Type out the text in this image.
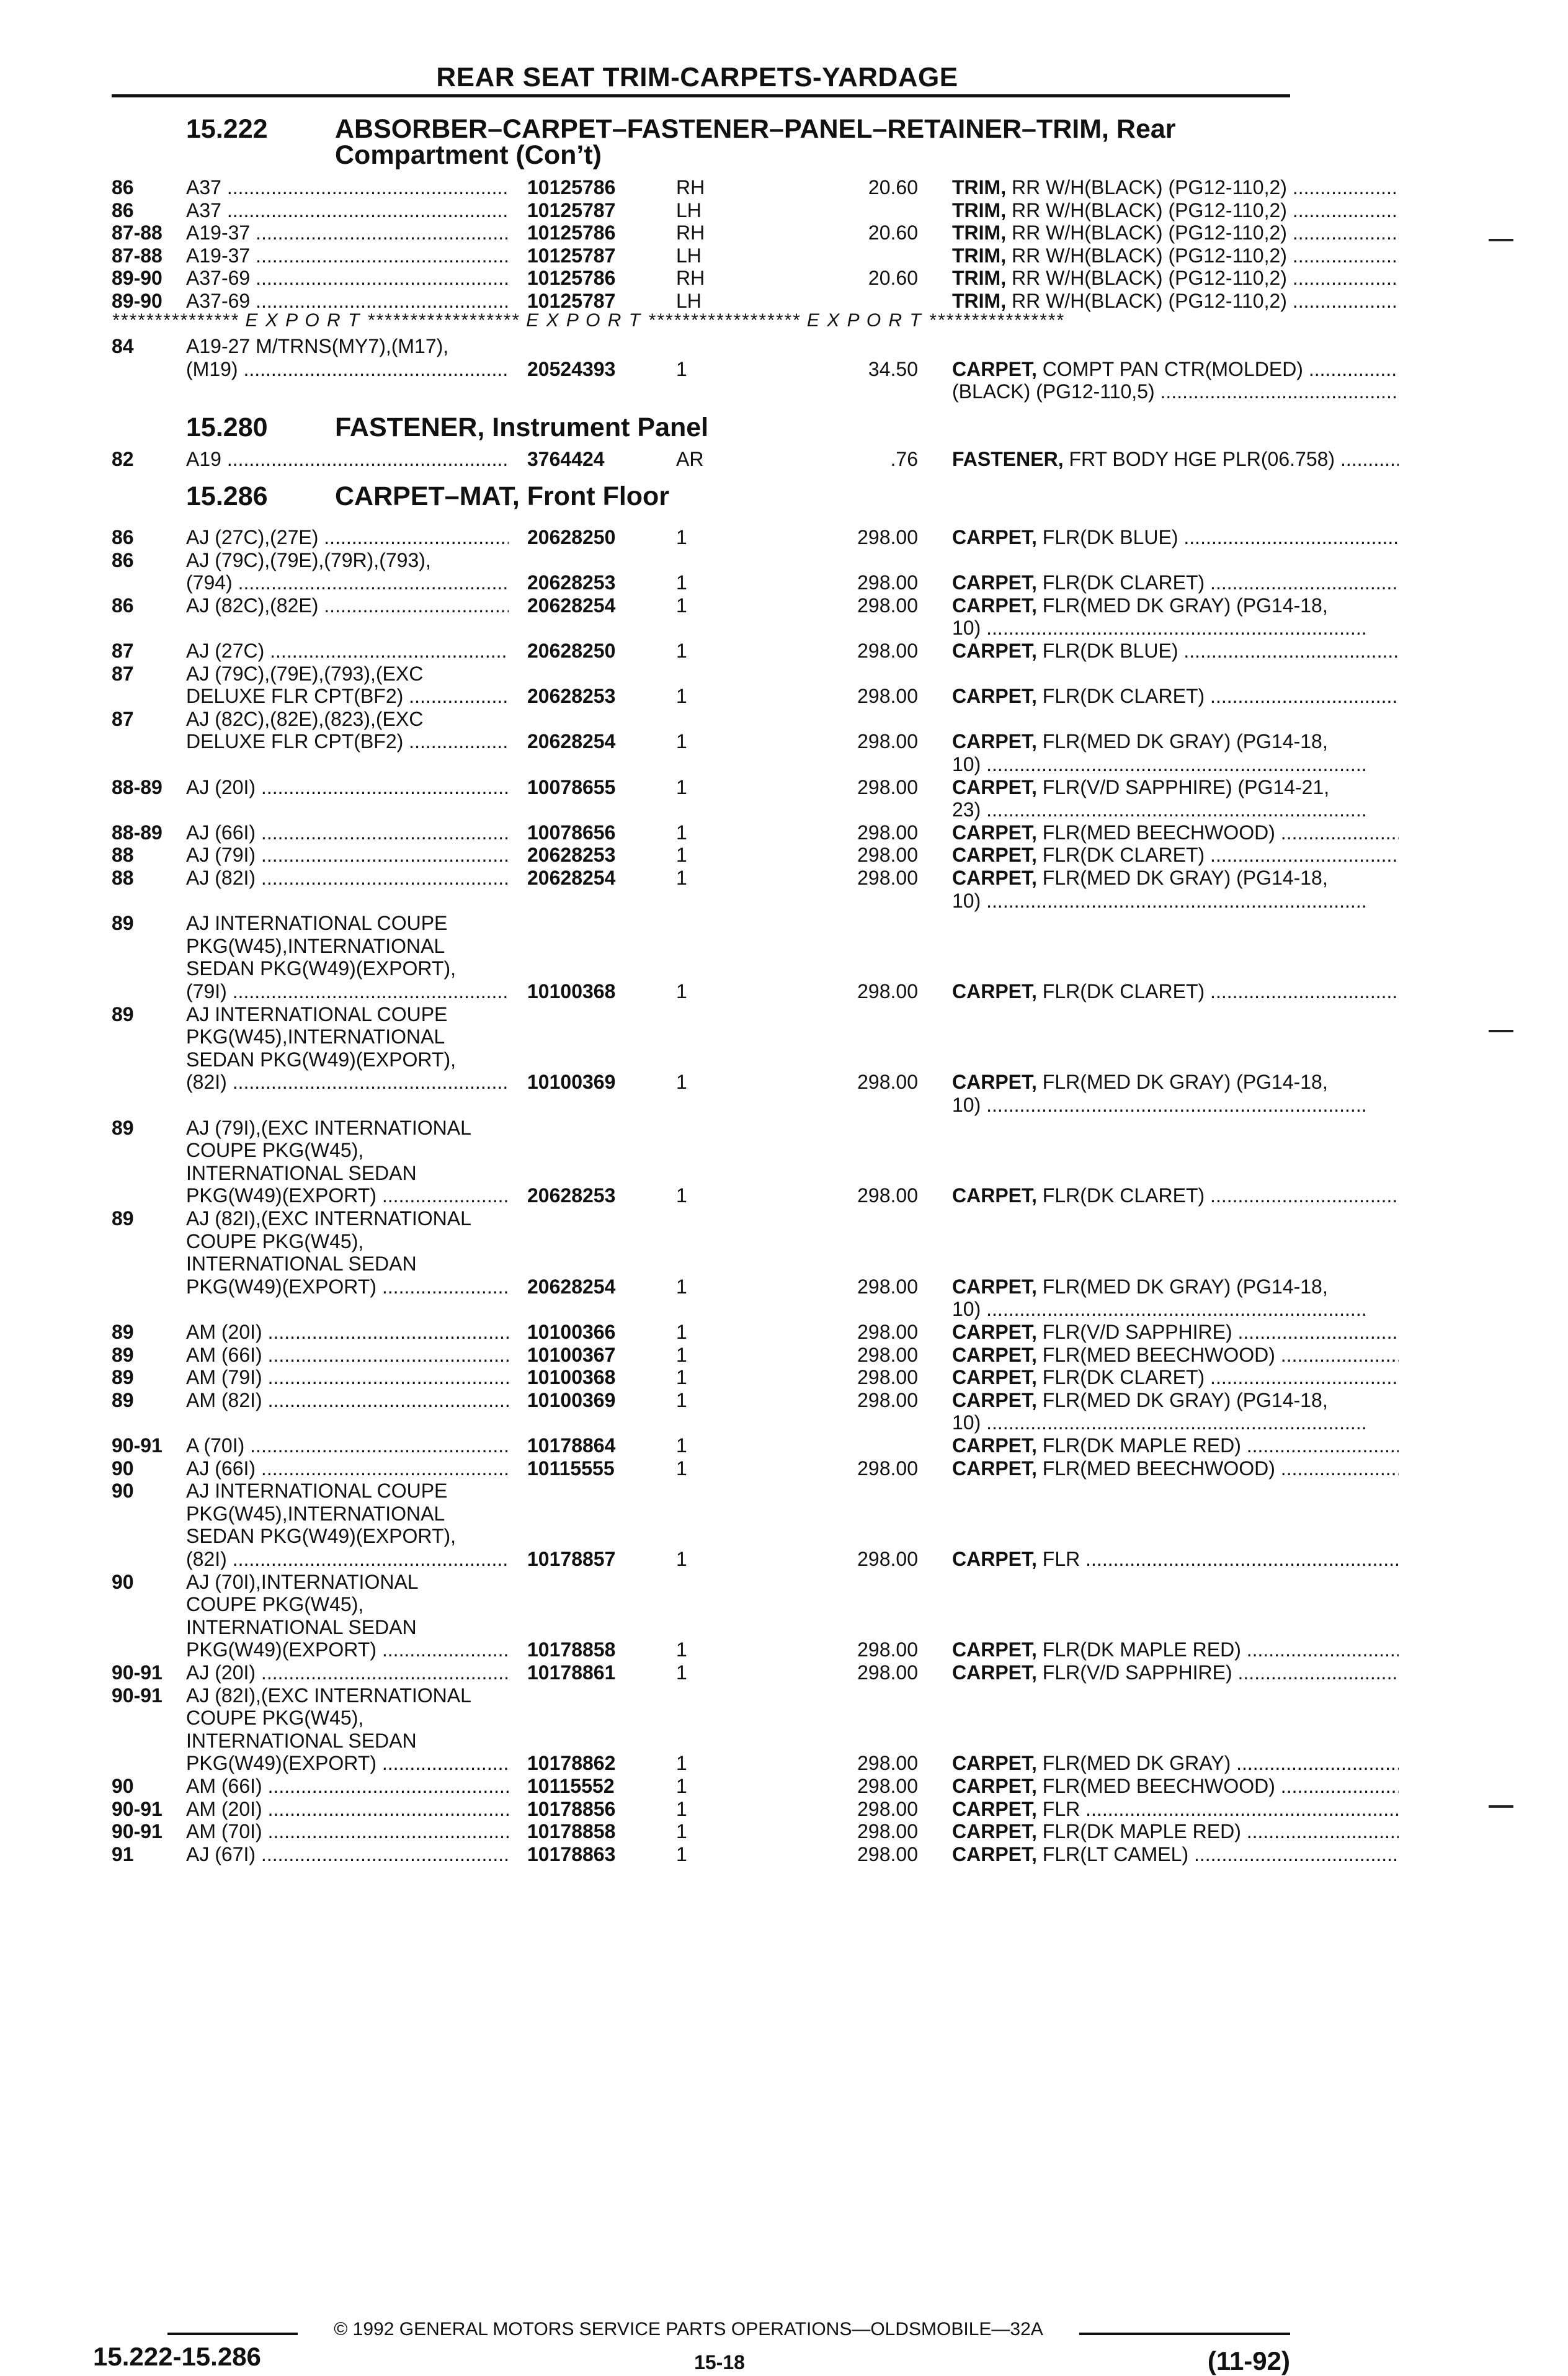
REAR SEAT TRIM-CARPETS-YARDAGE
15.222	ABSORBER–CARPET–FASTENER–PANEL–RETAINER–TRIM, Rear
Compartment (Con’t)
*************** E X P O R T ****************** E X P O R T ****************** E X P O R T ****************
15.280	FASTENER, Instrument Panel
15.286	CARPET–MAT, Front Floor
86	A37 .....	10125786	RH	20.60 TRIM, RR W/H(BLACK) (PG12-110,2) .....
86	A37 .....	10125787	LH	TRIM, RR W/H(BLACK) (PG12-110,2) .....
87-88 A19-37 .....	10125786	RH	20.60 TRIM, RR W/H(BLACK) (PG12-110,2) .....
87-88 A19-37 .....	10125787	LH	TRIM, RR W/H(BLACK) (PG12-110,2) .....
89-90 A37-69 .....	10125786	RH	20.60 TRIM, RR W/H(BLACK) (PG12-110,2) .....
89-90 A37-69 .....	10125787	LH	TRIM, RR W/H(BLACK) (PG12-110,2) .....
84	A19-27 M/TRNS(MY7),(M17),
(M19) .....	20524393	1	34.50 CARPET, COMPT PAN CTR(MOLDED) .....
(BLACK) (PG12-110,5) .....
82	A19 .....	3764424	AR	.76 FASTENER, FRT BODY HGE PLR(06.758) .....
86	AJ (27C),(27E) .....	20628250	1	298.00 CARPET, FLR(DK BLUE) .....
86	AJ (79C),(79E),(79R),(793),
(794) .....	20628253	1	298.00 CARPET, FLR(DK CLARET) .....
86	AJ (82C),(82E) .....	20628254	1	298.00 CARPET, FLR(MED DK GRAY) (PG14-18,
10) .....
87	AJ (27C) .....	20628250	1	298.00 CARPET, FLR(DK BLUE) .....
87	AJ (79C),(79E),(793),(EXC
DELUXE FLR CPT(BF2) .....	20628253	1	298.00 CARPET, FLR(DK CLARET) .....
87	AJ (82C),(82E),(823),(EXC
DELUXE FLR CPT(BF2) .....	20628254	1	298.00 CARPET, FLR(MED DK GRAY) (PG14-18,
10) .....
88-89 AJ (20I) .....	10078655	1	298.00 CARPET, FLR(V/D SAPPHIRE) (PG14-21,
23) .....
88-89 AJ (66I) .....	10078656	1	298.00 CARPET, FLR(MED BEECHWOOD) .....
88	AJ (79I) .....	20628253	1	298.00 CARPET, FLR(DK CLARET) .....
88	AJ (82I) .....	20628254	1	298.00 CARPET, FLR(MED DK GRAY) (PG14-18,
10) .....
89	AJ INTERNATIONAL COUPE
PKG(W45),INTERNATIONAL
SEDAN PKG(W49)(EXPORT),
(79I) .....	10100368	1	298.00 CARPET, FLR(DK CLARET) .....
89	AJ INTERNATIONAL COUPE
PKG(W45),INTERNATIONAL
SEDAN PKG(W49)(EXPORT),
(82I) .....	10100369	1	298.00 CARPET, FLR(MED DK GRAY) (PG14-18,
10) .....
89	AJ (79I),(EXC INTERNATIONAL
COUPE PKG(W45),
INTERNATIONAL SEDAN
PKG(W49)(EXPORT) .....	20628253	1	298.00 CARPET, FLR(DK CLARET) .....
89	AJ (82I),(EXC INTERNATIONAL
COUPE PKG(W45),
INTERNATIONAL SEDAN
PKG(W49)(EXPORT) .....	20628254	1	298.00 CARPET, FLR(MED DK GRAY) (PG14-18,
10) .....
89	AM (20I) .....	10100366	1	298.00 CARPET, FLR(V/D SAPPHIRE) .....
89	AM (66I) .....	10100367	1	298.00 CARPET, FLR(MED BEECHWOOD) .....
89	AM (79I) .....	10100368	1	298.00 CARPET, FLR(DK CLARET) .....
89	AM (82I) .....	10100369	1	298.00 CARPET, FLR(MED DK GRAY) (PG14-18,
10) .....
90-91 A (70I) .....	10178864	1	CARPET, FLR(DK MAPLE RED) .....
90	AJ (66I) .....	10115555	1	298.00 CARPET, FLR(MED BEECHWOOD) .....
90	AJ INTERNATIONAL COUPE
PKG(W45),INTERNATIONAL
SEDAN PKG(W49)(EXPORT),
(82I) .....	10178857	1	298.00 CARPET, FLR .....
90	AJ (70I),INTERNATIONAL
COUPE PKG(W45),
INTERNATIONAL SEDAN
PKG(W49)(EXPORT) .....	10178858	1	298.00 CARPET, FLR(DK MAPLE RED) .....
90-91 AJ (20I) .....	10178861	1	298.00 CARPET, FLR(V/D SAPPHIRE) .....
90-91 AJ (82I),(EXC INTERNATIONAL
COUPE PKG(W45),
INTERNATIONAL SEDAN
PKG(W49)(EXPORT) .....	10178862	1	298.00 CARPET, FLR(MED DK GRAY) .....
90	AM (66I) .....	10115552	1	298.00 CARPET, FLR(MED BEECHWOOD) .....
90-91 AM (20I) .....	10178856	1	298.00 CARPET, FLR .....
90-91 AM (70I) .....	10178858	1	298.00 CARPET, FLR(DK MAPLE RED) .....
91	AJ (67I) .....	10178863	1	298.00 CARPET, FLR(LT CAMEL) .....
© 1992 GENERAL MOTORS SERVICE PARTS OPERATIONS—OLDSMOBILE—32A
15.222-15.286	15-18	(11-92)
